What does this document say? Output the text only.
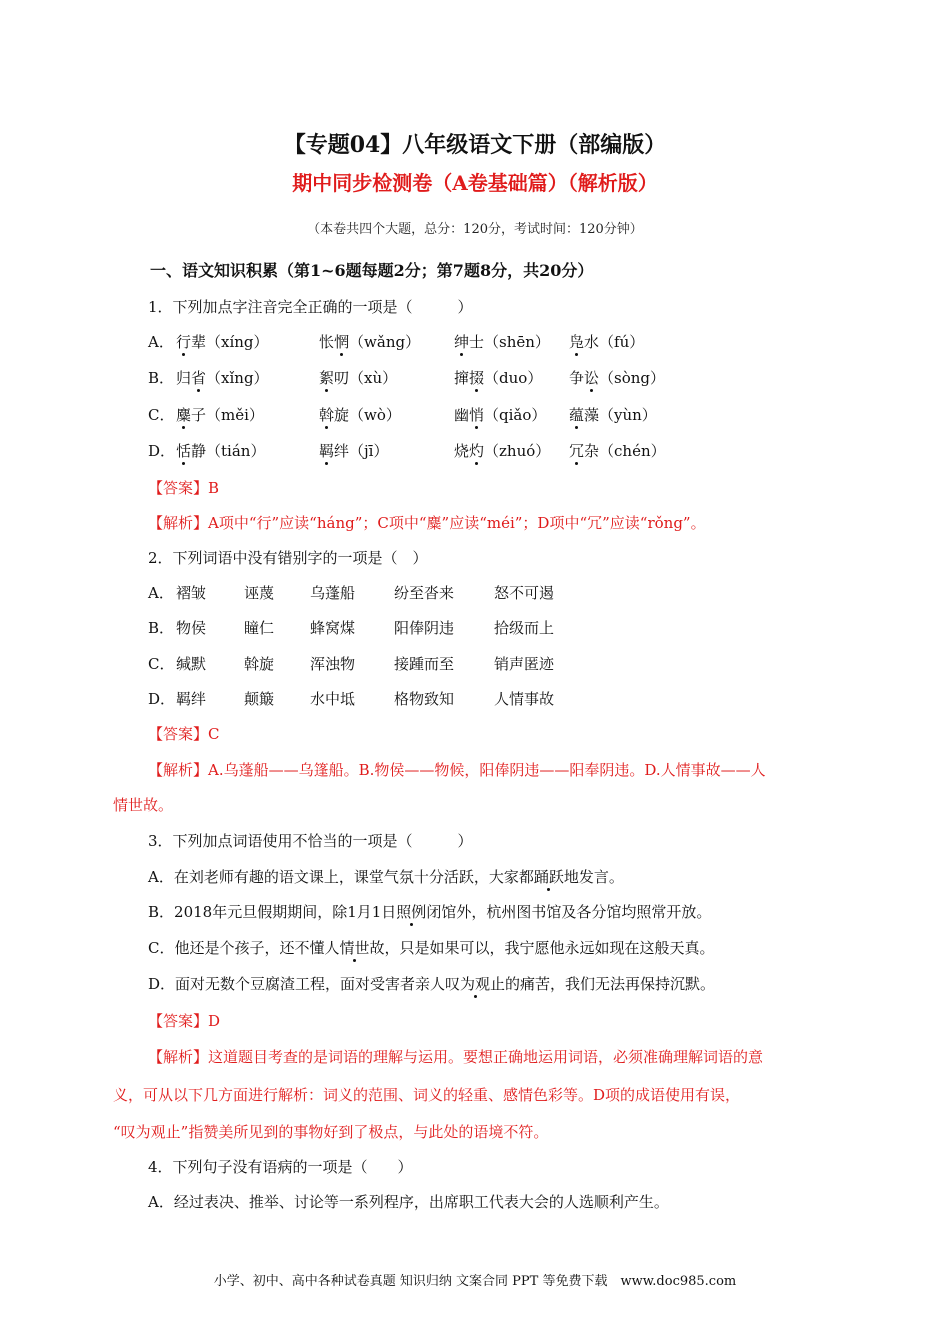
【专题04】八年级语文下册（部编版）
期中同步检测卷（A卷基础篇）（解析版）
（本卷共四个大题，总分：120分，考试时间：120分钟）
一、语文知识积累（第1~6题每题2分；第7题8分，共20分）
1．下列加点字注音完全正确的一项是（　　　）
A． 行辈（xíng）	怅惘（wǎng） 绅士（shēn） 凫水（fú）
B． 归省（xǐng）	絮叨（xù）	撺掇（duo） 争讼（sòng）
C． 麋子（měi）	斡旋（wò）	幽悄（qiǎo） 蕴藻（yùn）
D． 恬静（tián）	羁绊（jī）	烧灼（zhuó） 冗杂（chén）
【答案】B
【解析】A项中“行”应读“háng”；C项中“麋”应读“méi”；D项中“冗”应读“rǒng”。
2．下列词语中没有错别字的一项是（　）
A． 褶皱	诬蔑 乌蓬船	纷至沓来	怒不可遏
B． 物侯	瞳仁 蜂窝煤	阳俸阴违	拾级而上
C． 缄默	斡旋 浑浊物	接踵而至	销声匿迹
D． 羁绊	颠簸 水中坻	格物致知	人情事故
【答案】C
【解析】A.乌蓬船——乌篷船。B.物侯——物候，阳俸阴违——阳奉阴违。D.人情事故——人
情世故。
3．下列加点词语使用不恰当的一项是（　　　）
A．在刘老师有趣的语文课上，课堂气氛十分活跃，大家都踊跃地发言。
B．2018年元旦假期期间，除1月1日照例闭馆外，杭州图书馆及各分馆均照常开放。
C．他还是个孩子，还不懂人情世故，只是如果可以，我宁愿他永远如现在这般天真。
D．面对无数个豆腐渣工程，面对受害者亲人叹为观止的痛苦，我们无法再保持沉默。
【答案】D
【解析】这道题目考查的是词语的理解与运用。要想正确地运用词语，必须准确理解词语的意
义，可从以下几方面进行解析：词义的范围、词义的轻重、感情色彩等。D项的成语使用有误，
“叹为观止”指赞美所见到的事物好到了极点，与此处的语境不符。
4．下列句子没有语病的一项是（　　）
A．经过表决、推举、讨论等一系列程序，出席职工代表大会的人选顺利产生。
小学、初中、高中各种试卷真题 知识归纳 文案合同 PPT 等免费下载　www.doc985.com
